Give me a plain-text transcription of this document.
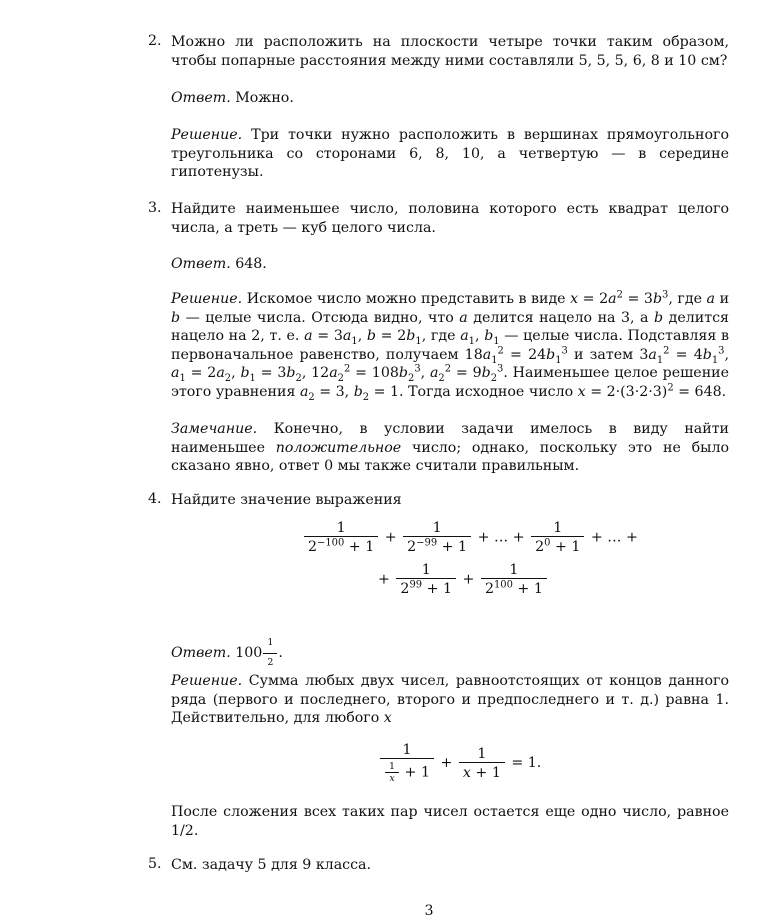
2. Можно ли расположить на плоскости четыре точки таким образом, чтобы попарные расстояния между ними составляли 5, 5, 5, 6, 8 и 10 см?
Ответ. Можно.
Решение. Три точки нужно расположить в вершинах прямоугольного треугольника со сторонами 6, 8, 10, а четвертую — в середине гипотенузы.
3. Найдите наименьшее число, половина которого есть квадрат целого числа, а треть — куб целого числа.
Ответ. 648.
Решение. Искомое число можно представить в виде $x = 2a^2 = 3b^3$, где a и b — целые числа. Отсюда видно, что a делится нацело на 3, а b делится нацело на 2, т. е. $a = 3a_1$, $b = 2b_1$, где $a_1$, $b_1$ — целые числа. Подставляя в первоначальное равенство, получаем $18a_1^2 = 24b_1^3$ и затем $3a_1^2 = 4b_1^3$, $a_1 = 2a_2$, $b_1 = 3b_2$, $12a_2^2 = 108b_2^3$, $a_2^2 = 9b_2^3$. Наименьшее целое решение этого уравнения $a_2 = 3$, $b_2 = 1$. Тогда исходное число $x = 2\cdot(3\cdot 2\cdot 3)^2 = 648$.
Замечание. Конечно, в условии задачи имелось в виду найти наименьшее положительное число; однако, поскольку это не было сказано явно, ответ 0 мы также считали правильным.
4. Найдите значение выражения
$\frac{1}{2^{-100} + 1} + \frac{1}{2^{-99} + 1}$ + … + $\frac{1}{2^0 + 1}$ + … +
+ $\frac{1}{2^{99} + 1} + \frac{1}{2^{100} + 1}$
Ответ. $100 \frac{1}{2}$ .
Решение. Сумма любых двух чисел, равноотстоящих от концов данного ряда (первого и последнего, второго и предпоследнего и т. д.) равна 1. Действительно, для любого x
$\frac{1}{\frac{1}{x} + 1} + \frac{1}{x + 1} = 1$.
После сложения всех таких пар чисел остается еще одно число, равное 1/2.
5. См. задачу 5 для 9 класса.
3
